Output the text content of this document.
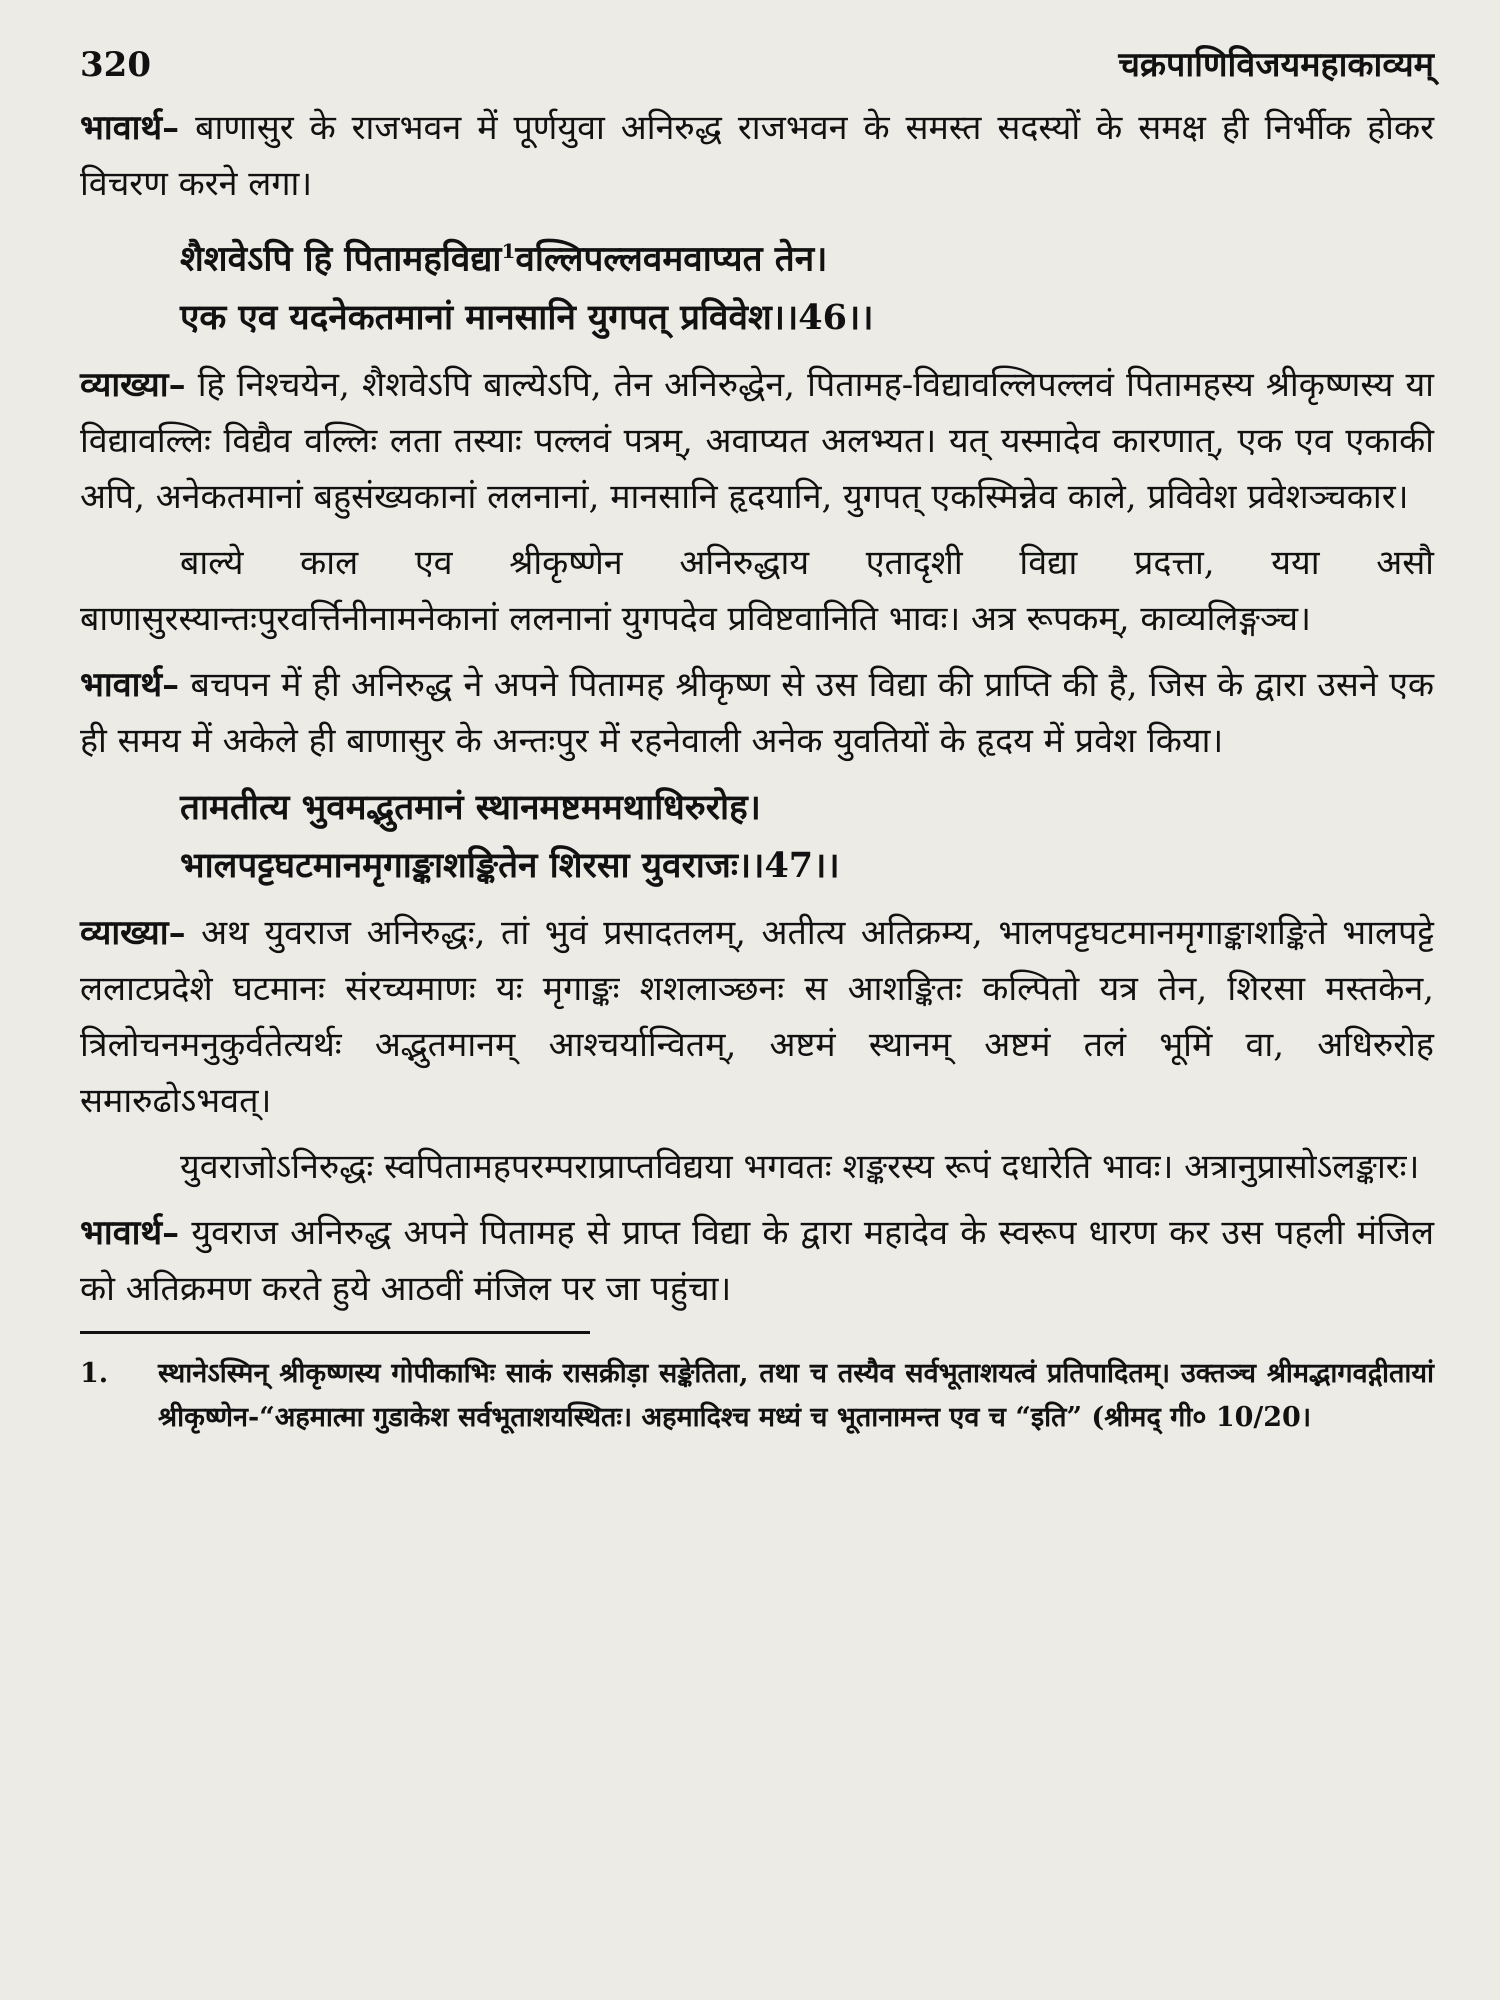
320	चक्रपाणिविजयमहाकाव्यम्

भावार्थ– बाणासुर के राजभवन में पूर्णयुवा अनिरुद्ध राजभवन के समस्त सदस्यों के समक्ष ही निर्भीक होकर विचरण करने लगा।

शैशवेऽपि हि पितामहविद्या$^1$वल्लिपल्लवमवाप्यत तेन।
एक एव यदनेकतमानां मानसानि युगपत् प्रविवेश।।46।।

व्याख्या– हि निश्चयेन, शैशवेऽपि बाल्येऽपि, तेन अनिरुद्धेन, पितामह-विद्यावल्लिपल्लवं पितामहस्य श्रीकृष्णस्य या विद्यावल्लिः विद्यैव वल्लिः लता तस्याः पल्लवं पत्रम्, अवाप्यत अलभ्यत। यत् यस्मादेव कारणात्, एक एव एकाकी अपि, अनेकतमानां बहुसंख्यकानां ललनानां, मानसानि हृदयानि, युगपत् एकस्मिन्नेव काले, प्रविवेश प्रवेशञ्चकार।

बाल्ये काल एव श्रीकृष्णेन अनिरुद्धाय एतादृशी विद्या प्रदत्ता, यया असौ बाणासुरस्यान्तःपुरवर्त्तिनीनामनेकानां ललनानां युगपदेव प्रविष्टवानिति भावः। अत्र रूपकम्, काव्यलिङ्गञ्च।

भावार्थ– बचपन में ही अनिरुद्ध ने अपने पितामह श्रीकृष्ण से उस विद्या की प्राप्ति की है, जिस के द्वारा उसने एक ही समय में अकेले ही बाणासुर के अन्तःपुर में रहनेवाली अनेक युवतियों के हृदय में प्रवेश किया।

तामतीत्य भुवमद्भुतमानं स्थानमष्टममथाधिरुरोह।
भालपट्टघटमानमृगाङ्काशङ्कितेन शिरसा युवराजः।।47।।

व्याख्या– अथ युवराज अनिरुद्धः, तां भुवं प्रसादतलम्, अतीत्य अतिक्रम्य, भालपट्टघटमानमृगाङ्काशङ्किते भालपट्टे ललाटप्रदेशे घटमानः संरच्यमाणः यः मृगाङ्कः शशलाञ्छनः स आशङ्कितः कल्पितो यत्र तेन, शिरसा मस्तकेन, त्रिलोचनमनुकुर्वतेत्यर्थः अद्भुतमानम् आश्चर्यान्वितम्, अष्टमं स्थानम् अष्टमं तलं भूमिं वा, अधिरुरोह समारुढोऽभवत्।

युवराजोऽनिरुद्धः स्वपितामहपरम्पराप्राप्तविद्यया भगवतः शङ्करस्य रूपं दधारेति भावः। अत्रानुप्रासोऽलङ्कारः।

भावार्थ– युवराज अनिरुद्ध अपने पितामह से प्राप्त विद्या के द्वारा महादेव के स्वरूप धारण कर उस पहली मंजिल को अतिक्रमण करते हुये आठवीं मंजिल पर जा पहुंचा।

1.	स्थानेऽस्मिन् श्रीकृष्णस्य गोपीकाभिः साकं रासक्रीड़ा सङ्केतिता, तथा च तस्यैव सर्वभूताशयत्वं प्रतिपादितम्। उक्तञ्च श्रीमद्भागवद्गीतायां श्रीकृष्णेन-“अहमात्मा गुडाकेश सर्वभूताशयस्थितः। अहमादिश्च मध्यं च भूतानामन्त एव च “इति” (श्रीमद् गी० 10/20।
